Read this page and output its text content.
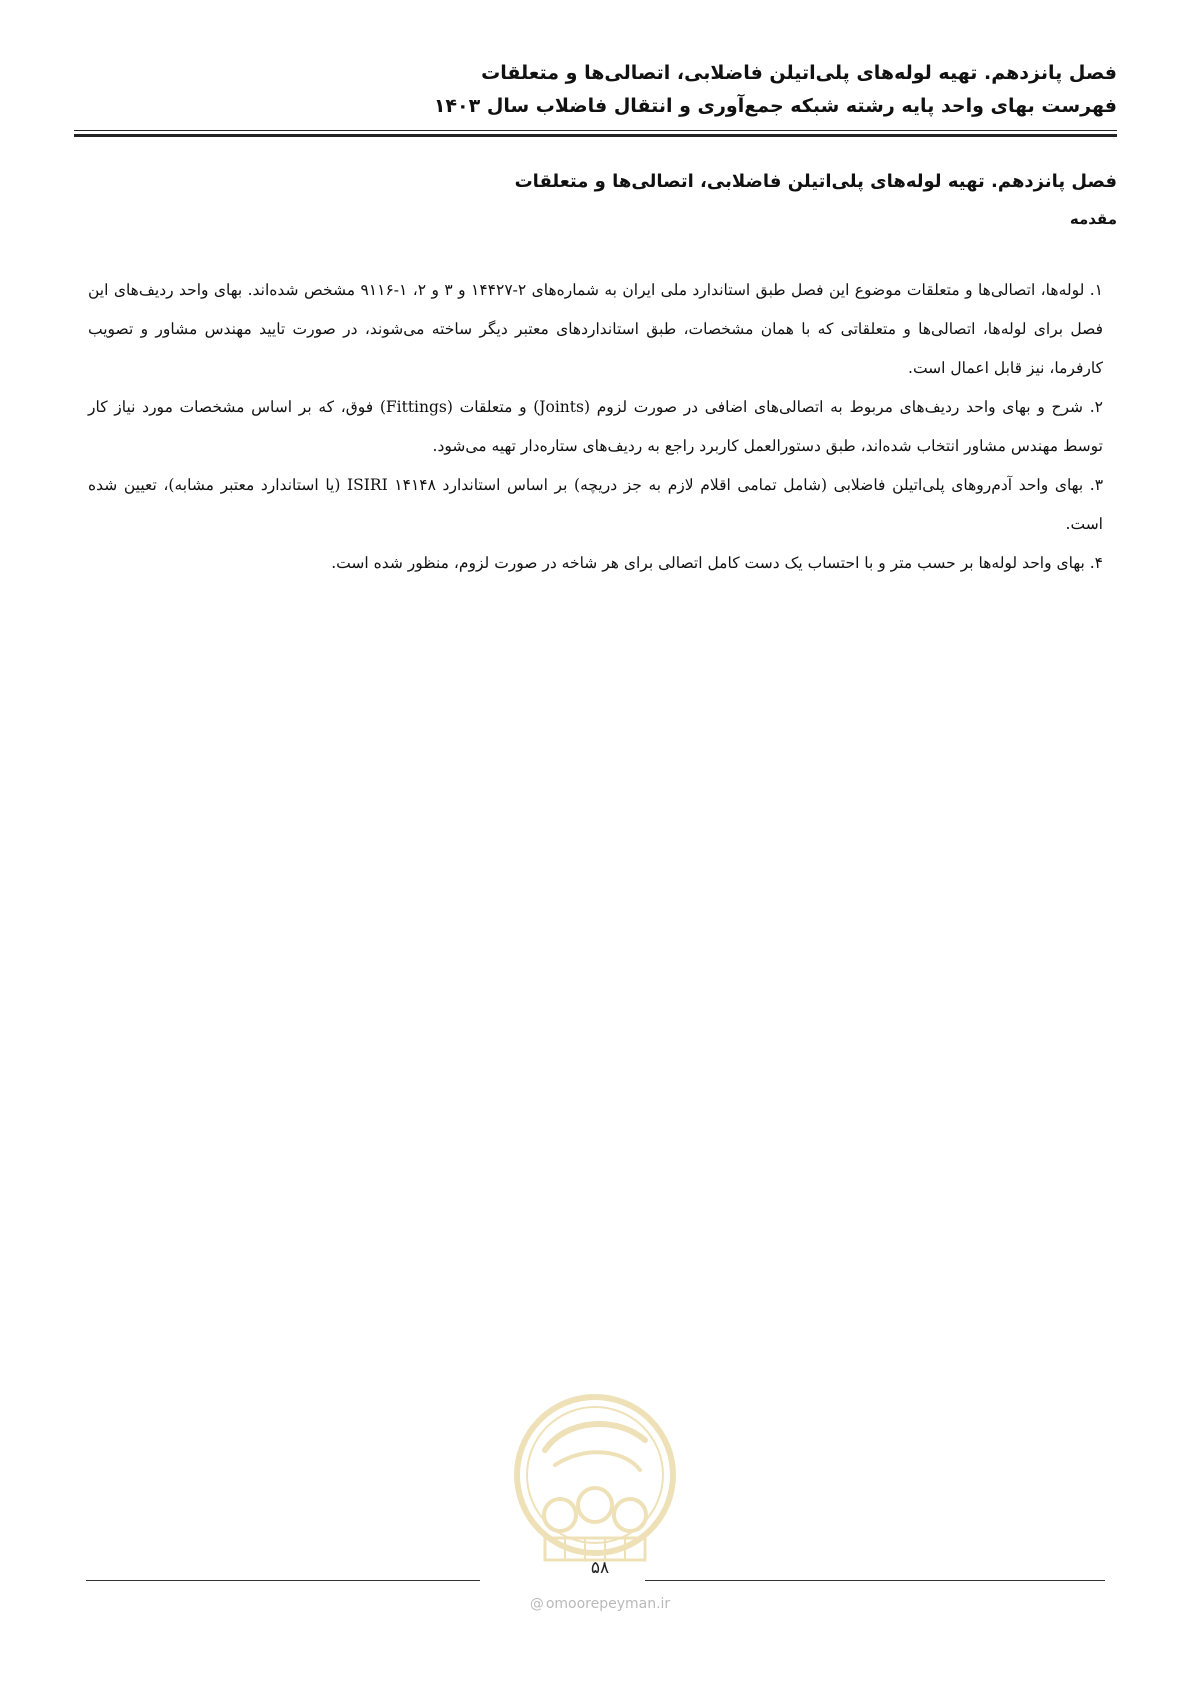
فصل پانزدهم. تهیه لوله‌های پلی‌اتیلن فاضلابی، اتصالی‌ها و متعلقات
فهرست بهای واحد پایه رشته شبکه جمع‌آوری و انتقال فاضلاب سال ۱۴۰۳
فصل پانزدهم. تهیه لوله‌های پلی‌اتیلن فاضلابی، اتصالی‌ها و متعلقات
مقدمه

۱. لوله‌ها، اتصالی‌ها و متعلقات موضوع این فصل طبق استاندارد ملی ایران به شماره‌های ۲-۱۴۴۲۷ و ۳ و ۲، ۱-۹۱۱۶ مشخص شده‌اند. بهای واحد ردیف‌های این فصل برای لوله‌ها، اتصالی‌ها و متعلقاتی که با همان مشخصات، طبق استانداردهای معتبر دیگر ساخته می‌شوند، در صورت تایید مهندس مشاور و تصویب کارفرما، نیز قابل اعمال است.

۲. شرح و بهای واحد ردیف‌های مربوط به اتصالی‌های اضافی در صورت لزوم (Joints) و متعلقات (Fittings) فوق، که بر اساس مشخصات مورد نیاز کار توسط مهندس مشاور انتخاب شده‌اند، طبق دستورالعمل کاربرد راجع به ردیف‌های ستاره‌دار تهیه می‌شود.

۳. بهای واحد آدم‌روهای پلی‌اتیلن فاضلابی (شامل تمامی اقلام لازم به جز دریچه) بر اساس استاندارد ISIRI ۱۴۱۴۸ (یا استاندارد معتبر مشابه)، تعیین شده است.

۴. بهای واحد لوله‌ها بر حسب متر و با احتساب یک دست کامل اتصالی برای هر شاخه در صورت لزوم، منظور شده است.

۵۸
@ omoorepeyman.ir
